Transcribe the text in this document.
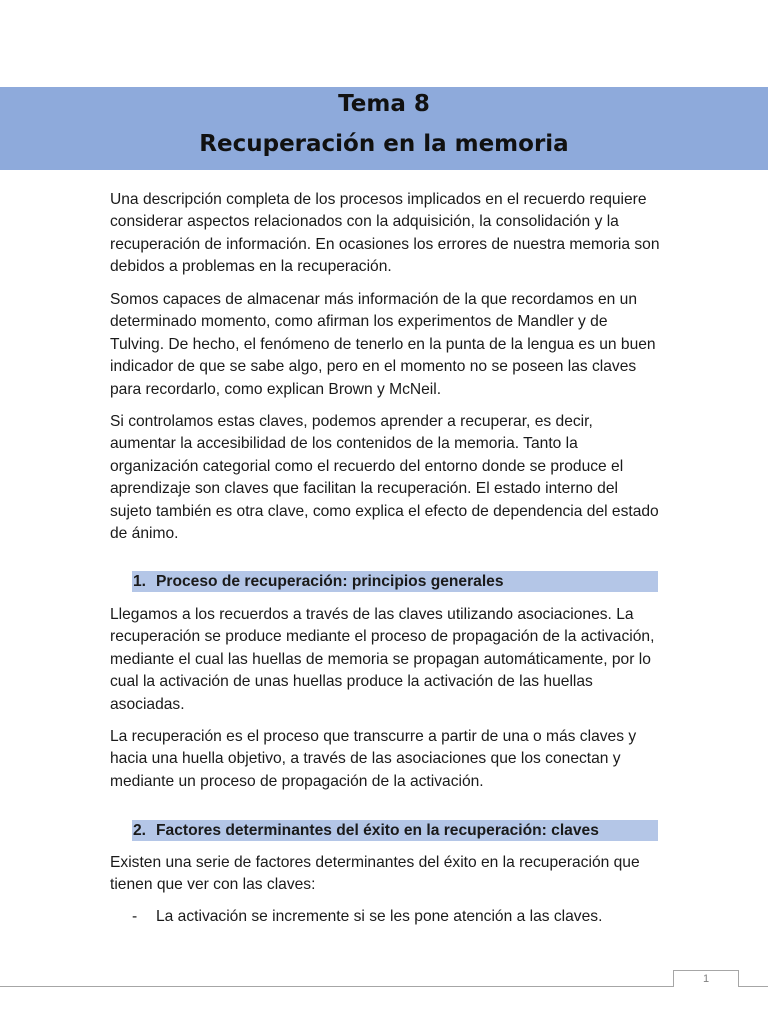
Tema 8
Recuperación en la memoria

Una descripción completa de los procesos implicados en el recuerdo requiere considerar aspectos relacionados con la adquisición, la consolidación y la recuperación de información. En ocasiones los errores de nuestra memoria son debidos a problemas en la recuperación.

Somos capaces de almacenar más información de la que recordamos en un determinado momento, como afirman los experimentos de Mandler y de Tulving. De hecho, el fenómeno de tenerlo en la punta de la lengua es un buen indicador de que se sabe algo, pero en el momento no se poseen las claves para recordarlo, como explican Brown y McNeil.

Si controlamos estas claves, podemos aprender a recuperar, es decir, aumentar la accesibilidad de los contenidos de la memoria. Tanto la organización categorial como el recuerdo del entorno donde se produce el aprendizaje son claves que facilitan la recuperación. El estado interno del sujeto también es otra clave, como explica el efecto de dependencia del estado de ánimo.

1. Proceso de recuperación: principios generales

Llegamos a los recuerdos a través de las claves utilizando asociaciones. La recuperación se produce mediante el proceso de propagación de la activación, mediante el cual las huellas de memoria se propagan automáticamente, por lo cual la activación de unas huellas produce la activación de las huellas asociadas.

La recuperación es el proceso que transcurre a partir de una o más claves y hacia una huella objetivo, a través de las asociaciones que los conectan y mediante un proceso de propagación de la activación.

2. Factores determinantes del éxito en la recuperación: claves

Existen una serie de factores determinantes del éxito en la recuperación que tienen que ver con las claves:

- La activación se incremente si se les pone atención a las claves.
1
